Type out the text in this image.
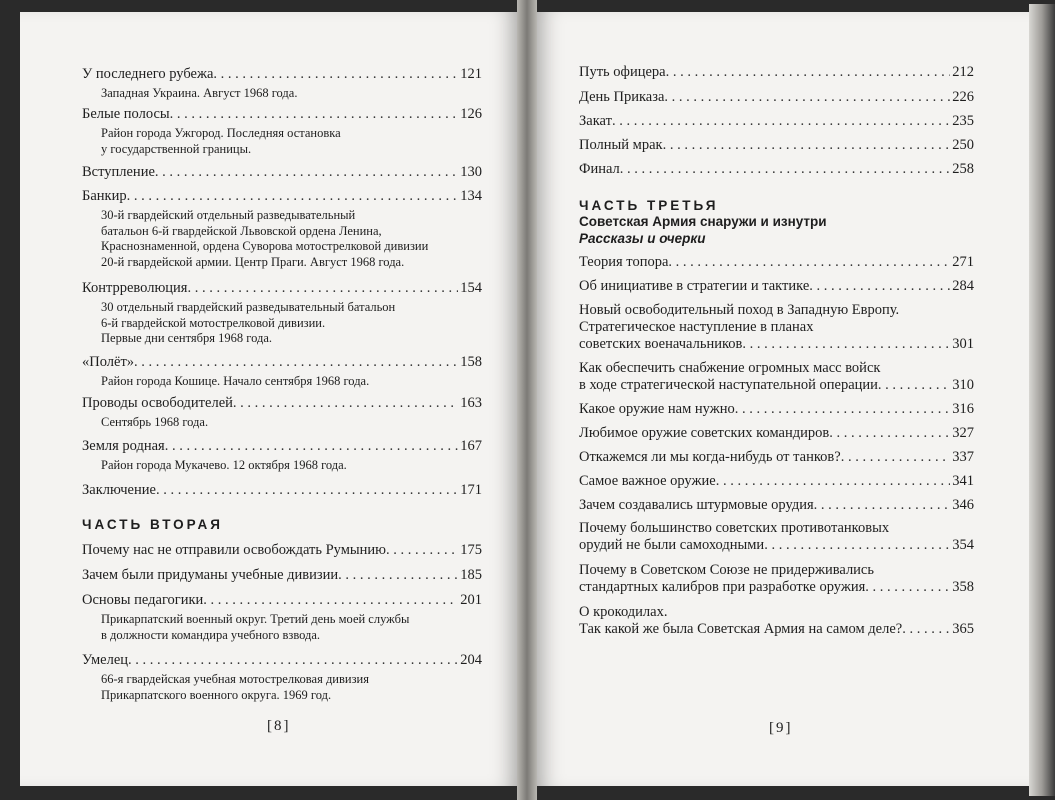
У последнего рубежа . . .	121
Западная Украина. Август 1968 года.
Белые полосы . . .	126
Район города Ужгород. Последняя остановка
у государственной границы.
Вступление . . .	130
Банкир . . .	134
30-й гвардейский отдельный разведывательный
батальон 6-й гвардейской Львовской ордена Ленина,
Краснознаменной, ордена Суворова мотострелковой дивизии
20-й гвардейской армии. Центр Праги. Август 1968 года.
Контрреволюция . . .	154
30 отдельный гвардейский разведывательный батальон
6-й гвардейской мотострелковой дивизии.
Первые дни сентября 1968 года.
«Полёт» . . .	158
Район города Кошице. Начало сентября 1968 года.
Проводы освободителей . . .	163
Сентябрь 1968 года.
Земля родная . . .	167
Район города Мукачево. 12 октября 1968 года.
Заключение . . .	171
ЧАСТЬ ВТОРАЯ
Почему нас не отправили освобождать Румынию . . .	175
Зачем были придуманы учебные дивизии . . .	185
Основы педагогики . . .	201
Прикарпатский военный округ. Третий день моей службы
в должности командира учебного взвода.
Умелец . . .	204
66-я гвардейская учебная мотострелковая дивизия
Прикарпатского военного округа. 1969 год.
[8]
Путь офицера . . .	212
День Приказа . . .	226
Закат . . .	235
Полный мрак . . .	250
Финал . . .	258
ЧАСТЬ ТРЕТЬЯ
Советская Армия снаружи и изнутри
Рассказы и очерки
Теория топора . . .	271
Об инициативе в стратегии и тактике . . .	284
Новый освободительный поход в Западную Европу.
Стратегическое наступление в планах
советских военачальников . . .	301
Как обеспечить снабжение огромных масс войск
в ходе стратегической наступательной операции . . .	310
Какое оружие нам нужно . . .	316
Любимое оружие советских командиров . . .	327
Откажемся ли мы когда-нибудь от танков? . . .	337
Самое важное оружие . . .	341
Зачем создавались штурмовые орудия . . .	346
Почему большинство советских противотанковых
орудий не были самоходными . . .	354
Почему в Советском Союзе не придерживались
стандартных калибров при разработке оружия . . .	358
О крокодилах.
Так какой же была Советская Армия на самом деле? . . .	365
[9]
